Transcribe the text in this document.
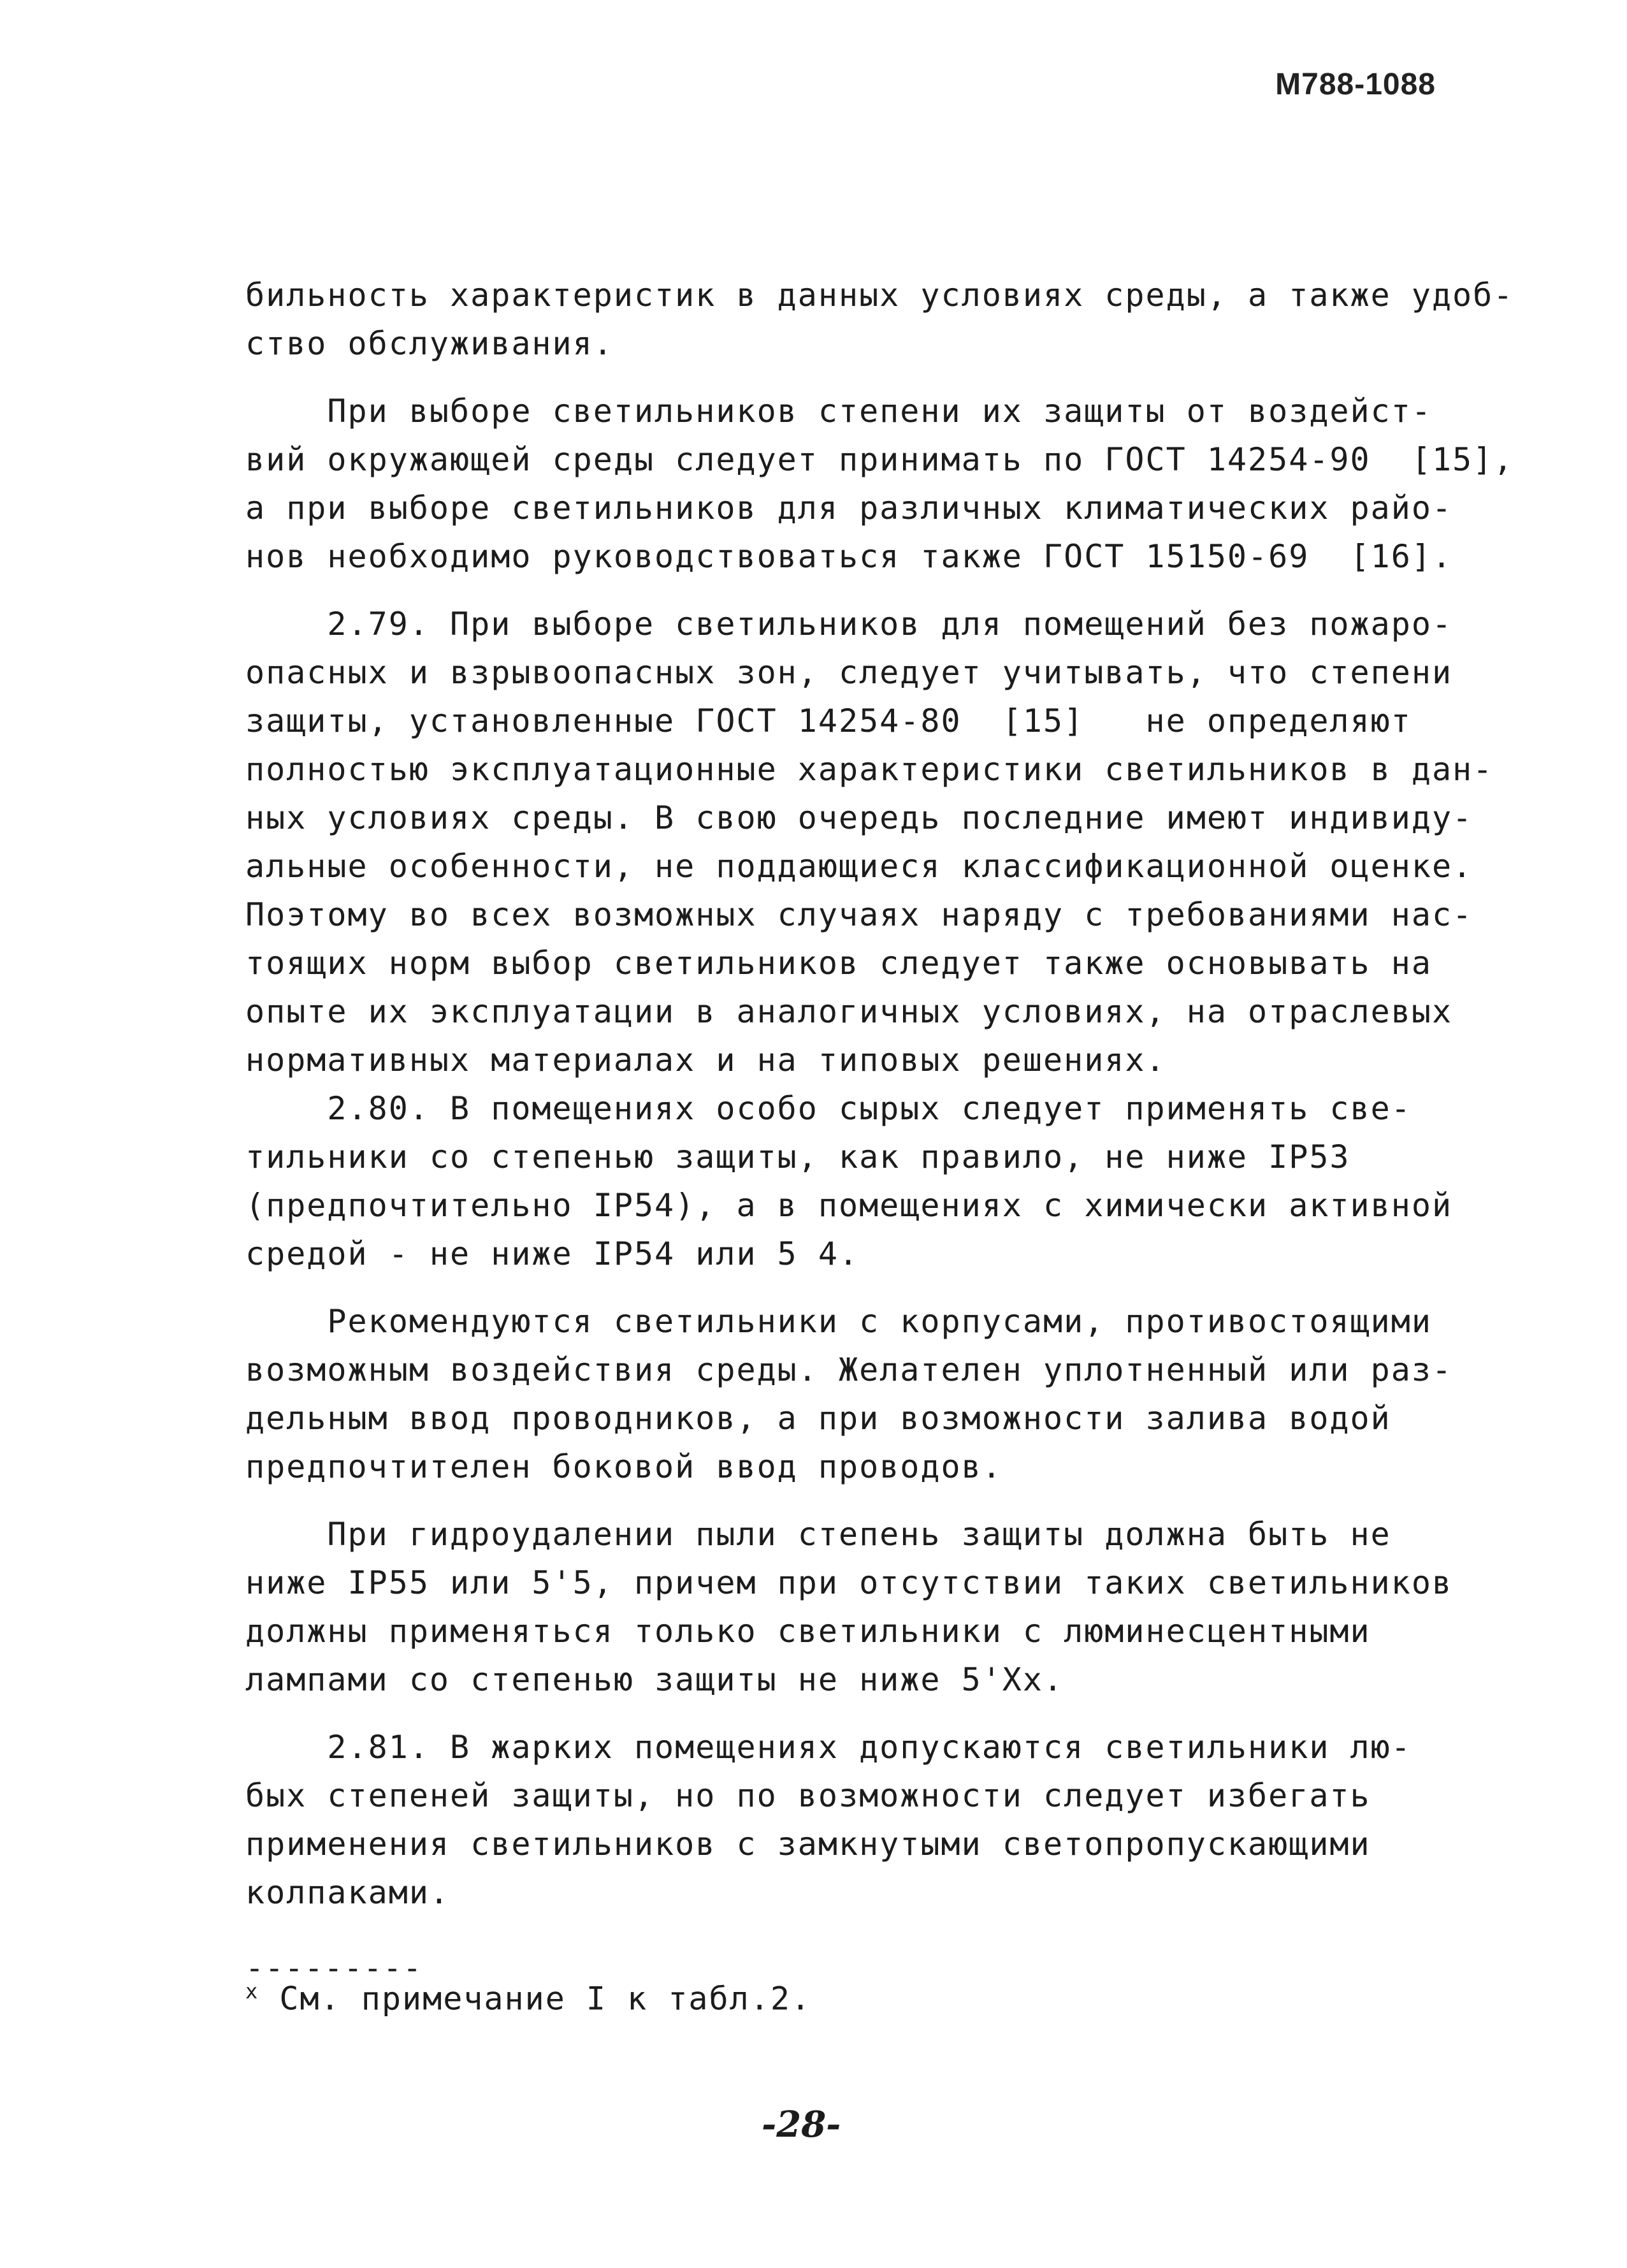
M788-1088
бильность характеристик в данных условиях среды, а также удоб-
ство обслуживания.
При выборе светильников степени их защиты от воздейст-
вий окружающей среды следует принимать по ГОСТ 14254-90  [15],
а при выборе светильников для различных климатических райо-
нов необходимо руководствоваться также ГОСТ 15150-69  [16].
2.79. При выборе светильников для помещений без пожаро-
опасных и взрывоопасных зон, следует учитывать, что степени
защиты, установленные ГОСТ 14254-80  [15]   не определяют
полностью эксплуатационные характеристики светильников в дан-
ных условиях среды. В свою очередь последние имеют индивиду-
альные особенности, не поддающиеся классификационной оценке.
Поэтому во всех возможных случаях наряду с требованиями нас-
тоящих норм выбор светильников следует также основывать на
опыте их эксплуатации в аналогичных условиях, на отраслевых
нормативных материалах и на типовых решениях.
2.80. В помещениях особо сырых следует применять све-
тильники со степенью защиты, как правило, не ниже IP53
(предпочтительно IP54), а в помещениях с химически активной
средой - не ниже IP54 или 5 4.
Рекомендуются светильники с корпусами, противостоящими
возможным воздействия среды. Желателен уплотненный или раз-
дельным ввод проводников, а при возможности залива водой
предпочтителен боковой ввод проводов.
При гидроудалении пыли степень защиты должна быть не
ниже IP55 или 5'5, причем при отсутствии таких светильников
должны применяться только светильники с люминесцентными
лампами со степенью защиты не ниже 5'Xx.
2.81. В жарких помещениях допускаются светильники лю-
бых степеней защиты, но по возможности следует избегать
применения светильников с замкнутыми светопропускающими
колпаками.
---------
$^x$ См. примечание I к табл.2.
-28-
